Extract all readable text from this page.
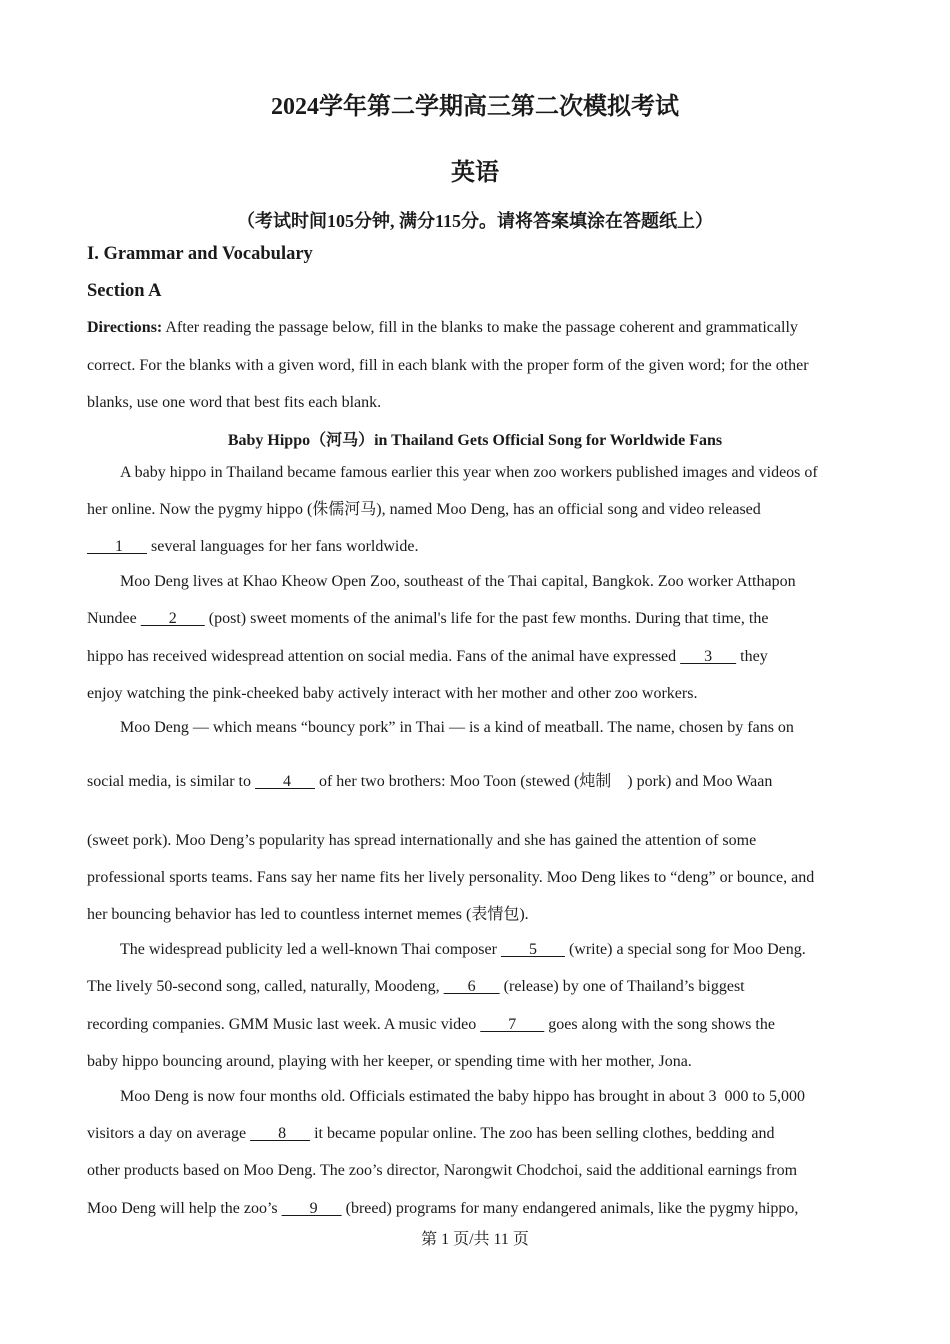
2024学年第二学期高三第二次模拟考试
英语
（考试时间105分钟, 满分115分。请将答案填涂在答题纸上）
I. Grammar and Vocabulary
Section A
Directions: After reading the passage below, fill in the blanks to make the passage coherent and grammatically
correct. For the blanks with a given word, fill in each blank with the proper form of the given word; for the other
blanks, use one word that best fits each blank.
Baby Hippo（河马）in Thailand Gets Official Song for Worldwide Fans
A baby hippo in Thailand became famous earlier this year when zoo workers published images and videos of
her online. Now the pygmy hippo (侏儒河马), named Moo Deng, has an official song and video released
1       several languages for her fans worldwide.
Moo Deng lives at Khao Kheow Open Zoo, southeast of the Thai capital, Bangkok. Zoo worker Atthapon
Nundee        2        (post) sweet moments of the animal's life for the past few months. During that time, the
hippo has received widespread attention on social media. Fans of the animal have expressed       3       they
enjoy watching the pink-cheeked baby actively interact with her mother and other zoo workers.
Moo Deng — which means “bouncy pork” in Thai — is a kind of meatball. The name, chosen by fans on
social media, is similar to        4       of her two brothers: Moo Toon (stewed (炖制    ) pork) and Moo Waan
(sweet pork). Moo Deng’s popularity has spread internationally and she has gained the attention of some
professional sports teams. Fans say her name fits her lively personality. Moo Deng likes to “deng” or bounce, and
her bouncing behavior has led to countless internet memes (表情包).
The widespread publicity led a well-known Thai composer        5        (write) a special song for Moo Deng.
The lively 50-second song, called, naturally, Moodeng,       6       (release) by one of Thailand’s biggest
recording companies. GMM Music last week. A music video        7        goes along with the song shows the
baby hippo bouncing around, playing with her keeper, or spending time with her mother, Jona.
Moo Deng is now four months old. Officials estimated the baby hippo has brought in about 3  000 to 5,000
visitors a day on average        8       it became popular online. The zoo has been selling clothes, bedding and
other products based on Moo Deng. The zoo’s director, Narongwit Chodchoi, said the additional earnings from
Moo Deng will help the zoo’s        9       (breed) programs for many endangered animals, like the pygmy hippo,
第 1 页/共 11 页
